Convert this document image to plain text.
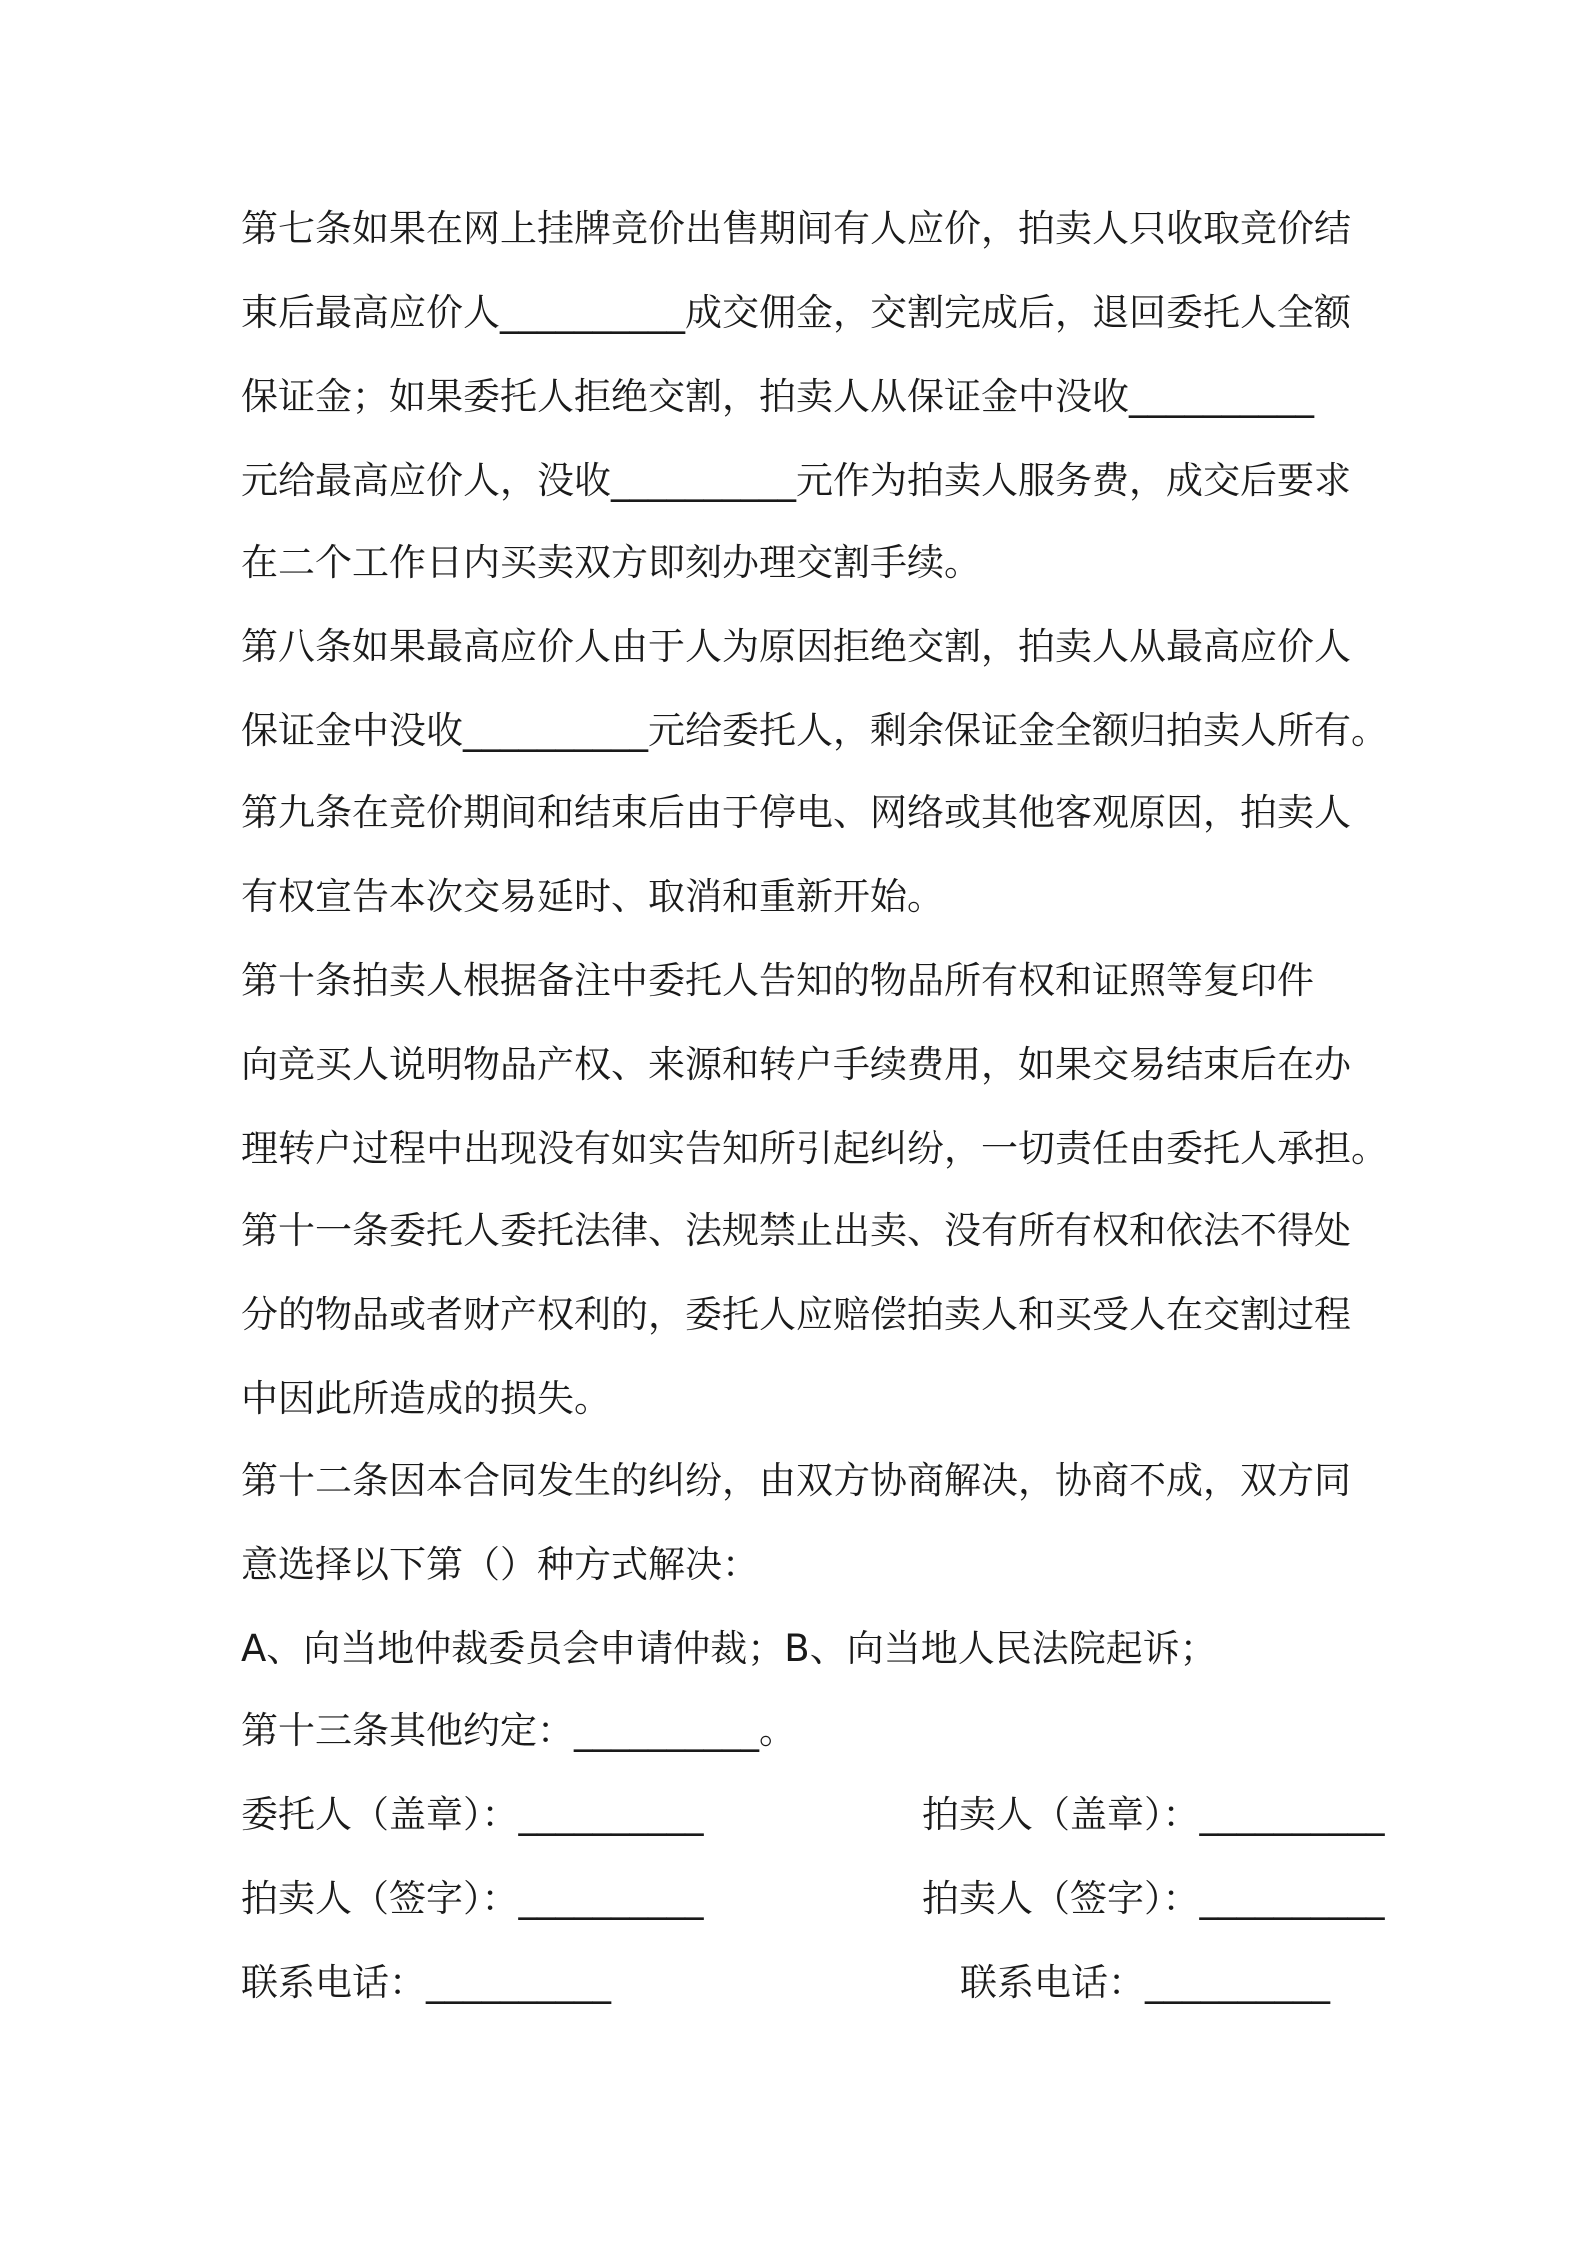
第七条如果在网上挂牌竞价出售期间有人应价，拍卖人只收取竞价结

束后最高应价人__________成交佣金，交割完成后，退回委托人全额

保证金；如果委托人拒绝交割，拍卖人从保证金中没收__________

元给最高应价人，没收__________元作为拍卖人服务费，成交后要求

在二个工作日内买卖双方即刻办理交割手续。

第八条如果最高应价人由于人为原因拒绝交割，拍卖人从最高应价人

保证金中没收__________元给委托人，剩余保证金全额归拍卖人所有。

第九条在竞价期间和结束后由于停电、网络或其他客观原因，拍卖人

有权宣告本次交易延时、取消和重新开始。

第十条拍卖人根据备注中委托人告知的物品所有权和证照等复印件

向竞买人说明物品产权、来源和转户手续费用，如果交易结束后在办

理转户过程中出现没有如实告知所引起纠纷，一切责任由委托人承担。

第十一条委托人委托法律、法规禁止出卖、没有所有权和依法不得处

分的物品或者财产权利的，委托人应赔偿拍卖人和买受人在交割过程

中因此所造成的损失。

第十二条因本合同发生的纠纷，由双方协商解决，协商不成，双方同

意选择以下第（）种方式解决：

A、向当地仲裁委员会申请仲裁；B、向当地人民法院起诉；

第十三条其他约定：__________。

委托人（盖章）：__________	拍卖人（盖章）：__________

拍卖人（签字）：__________	拍卖人（签字）：__________

联系电话：__________	联系电话：__________
